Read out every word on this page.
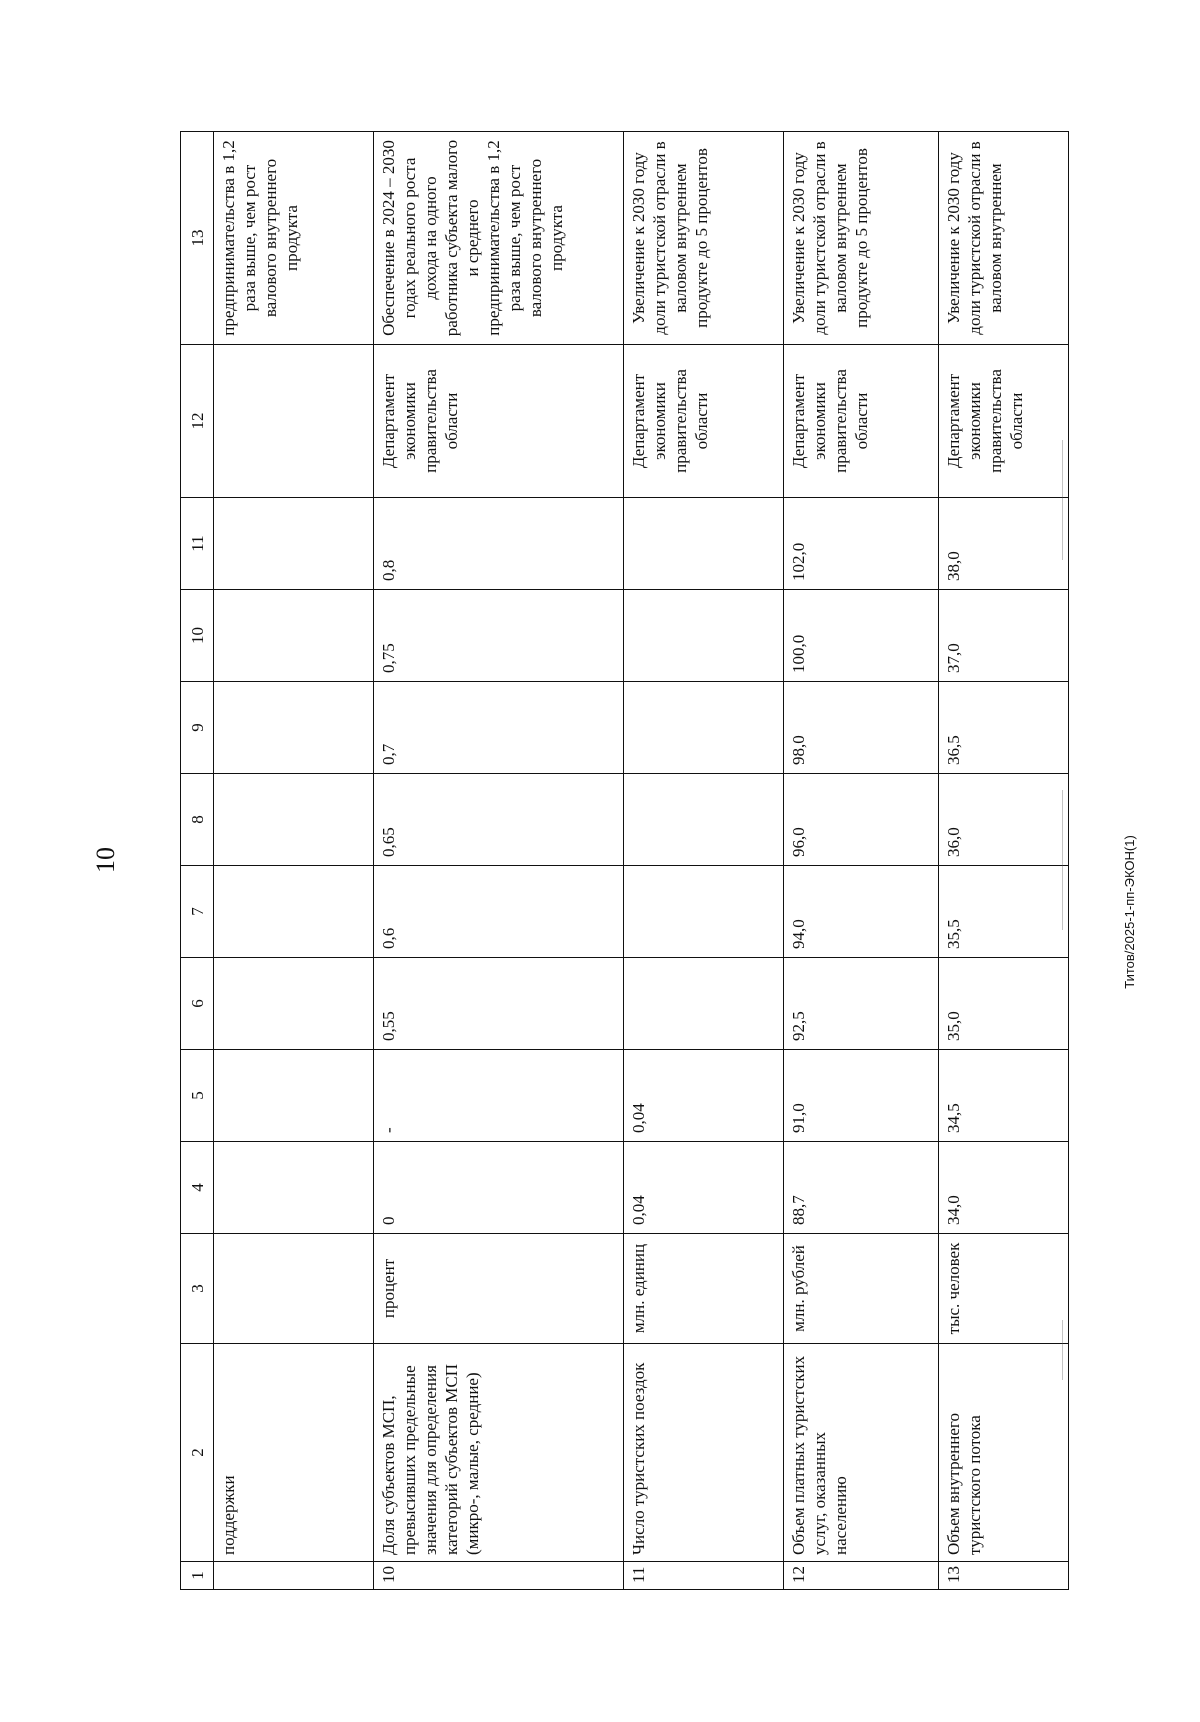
10
1	2	3	4	5	6	7	8	9	10	11	12	13
	поддержки											предпринимательства в 1,2 раза выше, чем рост валового внутреннего продукта
10	Доля субъектов МСП, превысивших предельные значения для определения категорий субъектов МСП (микро-, малые, средние)	процент	0	-	0,55	0,6	0,65	0,7	0,75	0,8	Департамент экономики правительства области	Обеспечение в 2024 – 2030 годах реального роста дохода на одного работника субъекта малого и среднего предпринимательства в 1,2 раза выше, чем рост валового внутреннего продукта
11	Число туристских поездок	млн. единиц	0,04	0,04							Департамент экономики правительства области	Увеличение к 2030 году доли туристской отрасли в валовом внутреннем продукте до 5 процентов
12	Объем платных туристских услуг, оказанных населению	млн. рублей	88,7	91,0	92,5	94,0	96,0	98,0	100,0	102,0	Департамент экономики правительства области	Увеличение к 2030 году доли туристской отрасли в валовом внутреннем продукте до 5 процентов
13	Объем внутреннего туристского потока	тыс. человек	34,0	34,5	35,0	35,5	36,0	36,5	37,0	38,0	Департамент экономики правительства области	Увеличение к 2030 году доли туристской отрасли в валовом внутреннем
Титов/2025-1-пп-ЭКОН(1)
